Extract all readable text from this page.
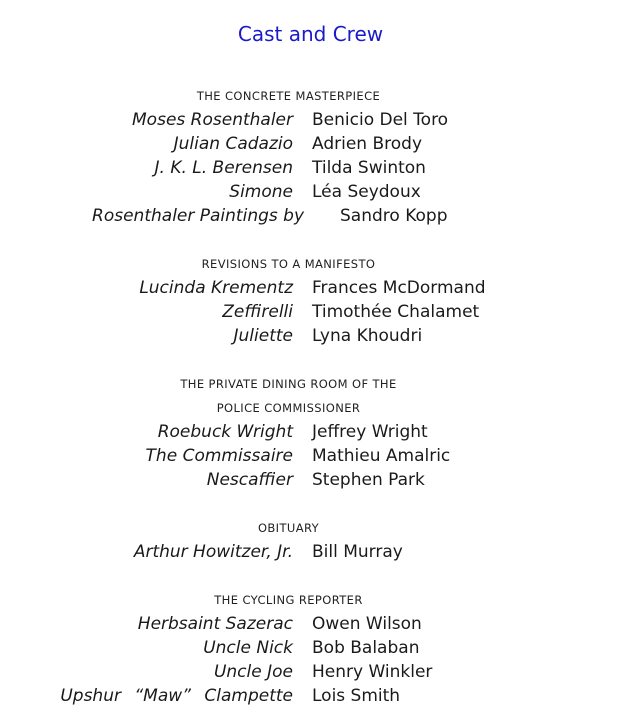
Cast and Crew
THE CONCRETE MASTERPIECE
Moses Rosenthaler Benicio Del Toro
Julian Cadazio Adrien Brody
J. K. L. Berensen Tilda Swinton
Simone Léa Seydoux
Rosenthaler Paintings by Sandro Kopp
REVISIONS TO A MANIFESTO
Lucinda Krementz Frances McDormand
Zeffirelli Timothée Chalamet
Juliette Lyna Khoudri
THE PRIVATE DINING ROOM OF THE
POLICE COMMISSIONER
Roebuck Wright Jeffrey Wright
The Commissaire Mathieu Amalric
Nescaffier Stephen Park
OBITUARY
Arthur Howitzer, Jr. Bill Murray
THE CYCLING REPORTER
Herbsaint Sazerac Owen Wilson
Uncle Nick Bob Balaban
Uncle Joe Henry Winkler
Upshur “Maw” Clampette Lois Smith
